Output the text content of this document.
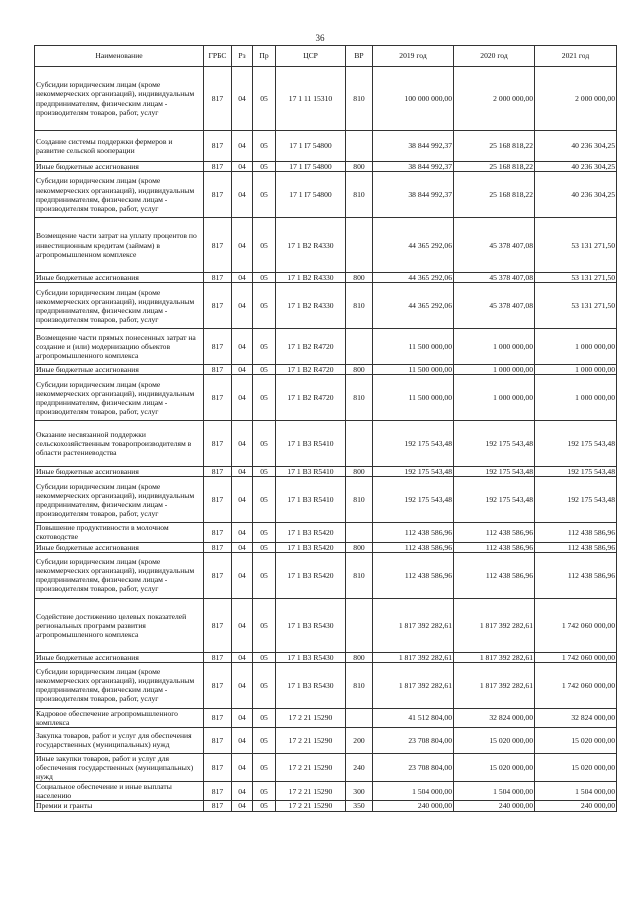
36
Наименование	ГРБС	Рз	Пр	ЦСР	ВР	2019 год	2020 год	2021 год
Субсидии юридическим лицам (кроме некоммерческих организаций), индивидуальным предпринимателям, физическим лицам - производителям товаров, работ, услуг	817	04	05	17 1 11 15310	810	100 000 000,00	2 000 000,00	2 000 000,00
Создание системы поддержки фермеров и развитие сельской кооперации	817	04	05	17 1 I7 54800		38 844 992,37	25 168 818,22	40 236 304,25
Иные бюджетные ассигнования	817	04	05	17 1 I7 54800	800	38 844 992,37	25 168 818,22	40 236 304,25
Субсидии юридическим лицам (кроме некоммерческих организаций), индивидуальным предпринимателям, физическим лицам - производителям товаров, работ, услуг	817	04	05	17 1 I7 54800	810	38 844 992,37	25 168 818,22	40 236 304,25
Возмещение части затрат на уплату процентов по инвестиционным кредитам (займам) в агропромышленном комплексе	817	04	05	17 1 B2 R4330		44 365 292,06	45 378 407,08	53 131 271,50
Иные бюджетные ассигнования	817	04	05	17 1 B2 R4330	800	44 365 292,06	45 378 407,08	53 131 271,50
Субсидии юридическим лицам (кроме некоммерческих организаций), индивидуальным предпринимателям, физическим лицам - производителям товаров, работ, услуг	817	04	05	17 1 B2 R4330	810	44 365 292,06	45 378 407,08	53 131 271,50
Возмещение части прямых понесенных затрат на создание и (или) модернизацию объектов агропромышленного комплекса	817	04	05	17 1 B2 R4720		11 500 000,00	1 000 000,00	1 000 000,00
Иные бюджетные ассигнования	817	04	05	17 1 B2 R4720	800	11 500 000,00	1 000 000,00	1 000 000,00
Субсидии юридическим лицам (кроме некоммерческих организаций), индивидуальным предпринимателям, физическим лицам - производителям товаров, работ, услуг	817	04	05	17 1 B2 R4720	810	11 500 000,00	1 000 000,00	1 000 000,00
Оказание несвязанной поддержки сельскохозяйственным товаропроизводителям в области растениеводства	817	04	05	17 1 B3 R5410		192 175 543,48	192 175 543,48	192 175 543,48
Иные бюджетные ассигнования	817	04	05	17 1 B3 R5410	800	192 175 543,48	192 175 543,48	192 175 543,48
Субсидии юридическим лицам (кроме некоммерческих организаций), индивидуальным предпринимателям, физическим лицам - производителям товаров, работ, услуг	817	04	05	17 1 B3 R5410	810	192 175 543,48	192 175 543,48	192 175 543,48
Повышение продуктивности в молочном скотоводстве	817	04	05	17 1 B3 R5420		112 438 586,96	112 438 586,96	112 438 586,96
Иные бюджетные ассигнования	817	04	05	17 1 B3 R5420	800	112 438 586,96	112 438 586,96	112 438 586,96
Субсидии юридическим лицам (кроме некоммерческих организаций), индивидуальным предпринимателям, физическим лицам - производителям товаров, работ, услуг	817	04	05	17 1 B3 R5420	810	112 438 586,96	112 438 586,96	112 438 586,96
Содействие достижению целевых показателей региональных программ развития агропромышленного комплекса	817	04	05	17 1 B3 R5430		1 817 392 282,61	1 817 392 282,61	1 742 060 000,00
Иные бюджетные ассигнования	817	04	05	17 1 B3 R5430	800	1 817 392 282,61	1 817 392 282,61	1 742 060 000,00
Субсидии юридическим лицам (кроме некоммерческих организаций), индивидуальным предпринимателям, физическим лицам - производителям товаров, работ, услуг	817	04	05	17 1 B3 R5430	810	1 817 392 282,61	1 817 392 282,61	1 742 060 000,00
Кадровое обеспечение агропромышленного комплекса	817	04	05	17 2 21 15290		41 512 804,00	32 824 000,00	32 824 000,00
Закупка товаров, работ и услуг для обеспечения государственных (муниципальных) нужд	817	04	05	17 2 21 15290	200	23 708 804,00	15 020 000,00	15 020 000,00
Иные закупки товаров, работ и услуг для обеспечения государственных (муниципальных) нужд	817	04	05	17 2 21 15290	240	23 708 804,00	15 020 000,00	15 020 000,00
Социальное обеспечение и иные выплаты населению	817	04	05	17 2 21 15290	300	1 504 000,00	1 504 000,00	1 504 000,00
Премии и гранты	817	04	05	17 2 21 15290	350	240 000,00	240 000,00	240 000,00
